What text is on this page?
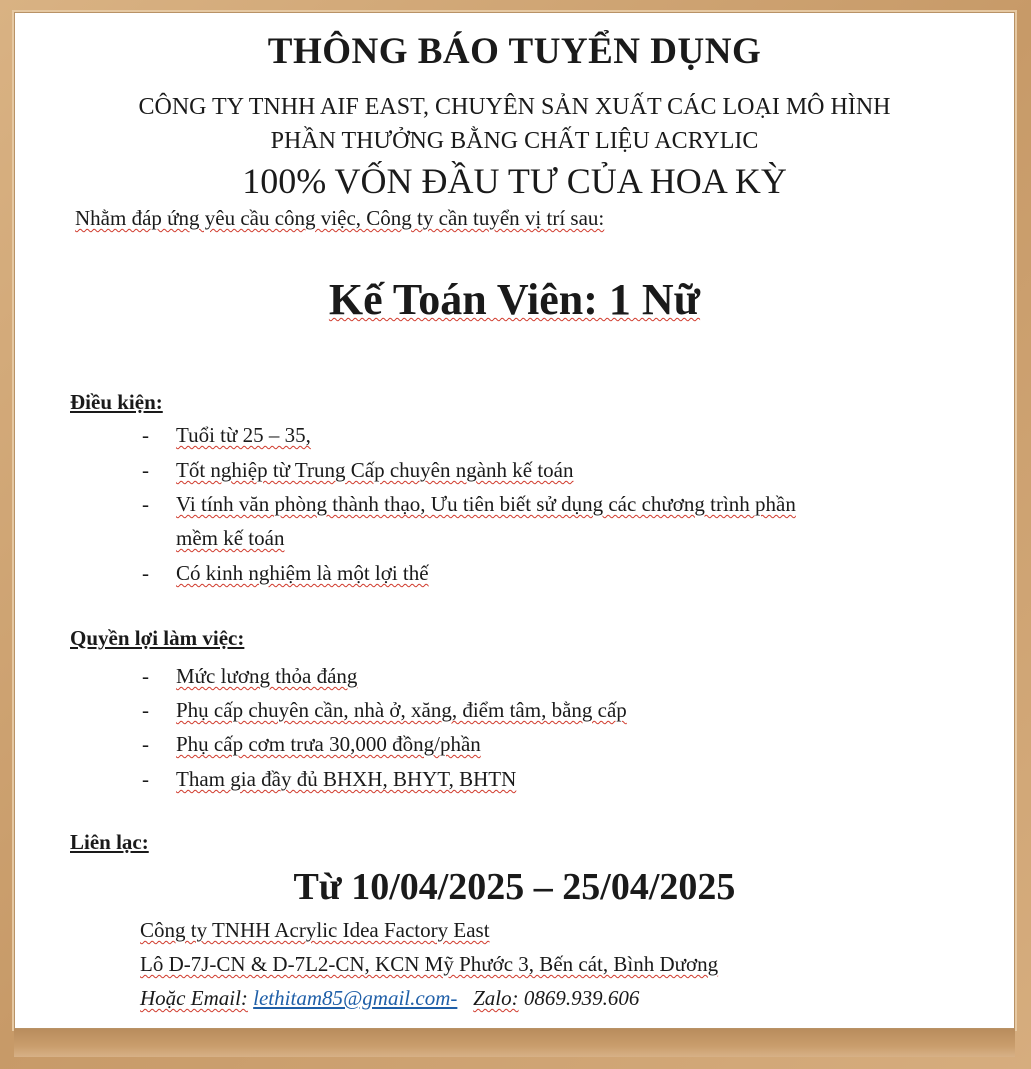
THÔNG BÁO TUYỂN DỤNG
CÔNG TY TNHH AIF EAST, CHUYÊN SẢN XUẤT CÁC LOẠI MÔ HÌNH
PHẦN THƯỞNG BẰNG CHẤT LIỆU ACRYLIC
100% VỐN ĐẦU TƯ CỦA HOA KỲ
Nhằm đáp ứng yêu cầu công việc, Công ty cần tuyển vị trí sau:
Kế Toán Viên: 1 Nữ
Điều kiện:
- Tuổi từ 25 – 35,
- Tốt nghiệp từ Trung Cấp chuyên ngành kế toán
- Vi tính văn phòng thành thạo, Ưu tiên biết sử dụng các chương trình phần
mềm kế toán
- Có kinh nghiệm là một lợi thế
Quyền lợi làm việc:
- Mức lương thỏa đáng
- Phụ cấp chuyên cần, nhà ở, xăng, điểm tâm, bằng cấp
- Phụ cấp cơm trưa 30,000 đồng/phần
- Tham gia đầy đủ BHXH, BHYT, BHTN
Liên lạc:
Từ 10/04/2025 – 25/04/2025
Công ty TNHH Acrylic Idea Factory East
Lô D-7J-CN & D-7L2-CN, KCN Mỹ Phước 3, Bến cát, Bình Dương
Hoặc Email: lethitam85@gmail.com- Zalo: 0869.939.606
